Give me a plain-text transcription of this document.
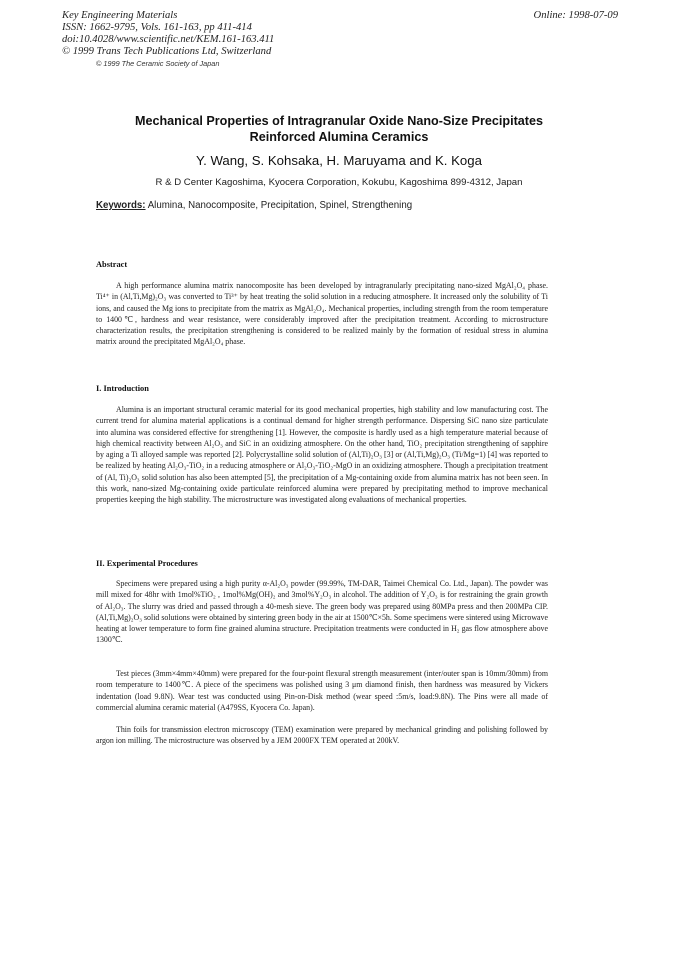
Online: 1998-07-09
Key Engineering Materials
ISSN: 1662-9795, Vols. 161-163, pp 411-414
doi:10.4028/www.scientific.net/KEM.161-163.411
© 1999 Trans Tech Publications Ltd, Switzerland
© 1999 The Ceramic Society of Japan
Mechanical Properties of Intragranular Oxide Nano-Size Precipitates
Reinforced Alumina Ceramics
Y. Wang, S. Kohsaka, H. Maruyama and K. Koga
R & D Center Kagoshima, Kyocera Corporation, Kokubu, Kagoshima 899-4312, Japan
Keywords: Alumina, Nanocomposite, Precipitation, Spinel, Strengthening
Abstract

A high performance alumina matrix nanocomposite has been developed by intragranularly precipitating nano-sized MgAl₂O₄ phase. Ti⁴⁺ in (Al,Ti,Mg)₂O₃ was converted to Ti³⁺ by heat treating the solid solution in a reducing atmosphere. It increased only the solubility of Ti ions, and caused the Mg ions to precipitate from the matrix as MgAl₂O₄. Mechanical properties, including strength from the room temperature to 1400℃, hardness and wear resistance, were considerably improved after the precipitation treatment. According to microstructure characterization results, the precipitation strengthening is considered to be realized mainly by the formation of residual stress in alumina matrix around the precipitated MgAl₂O₄ phase.

I. Introduction

Alumina is an important structural ceramic material for its good mechanical properties, high stability and low manufacturing cost. The current trend for alumina material applications is a continual demand for higher strength performance. Dispersing SiC nano size particulate into alumina was considered effective for strengthening [1]. However, the composite is hardly used as a high temperature material because of high chemical reactivity between Al₂O₃ and SiC in an oxidizing atmosphere. On the other hand, TiO₂ precipitation strengthening of sapphire by aging a Ti alloyed sample was reported [2]. Polycrystalline solid solution of (Al,Ti)₂O₃ [3] or (Al,Ti,Mg)₂O₃ (Ti/Mg=1) [4] was reported to be realized by heating Al₂O₃-TiO₂ in a reducing atmosphere or Al₂O₃-TiO₂-MgO in an oxidizing atmosphere. Though a precipitation treatment of (Al, Ti)₂O₃ solid solution has also been attempted [5], the precipitation of a Mg-containing oxide from alumina matrix has not been seen. In this work, nano-sized Mg-containing oxide particulate reinforced alumina were prepared by precipitating method to improve mechanical properties keeping the high stability. The microstructure was investigated along evaluations of mechanical properties.

II. Experimental Procedures

Specimens were prepared using a high purity α-Al₂O₃ powder (99.99%, TM-DAR, Taimei Chemical Co. Ltd., Japan). The powder was mill mixed for 48hr with 1mol%TiO₂ , 1mol%Mg(OH)₂ and 3mol%Y₂O₃ in alcohol. The addition of Y₂O₃ is for restraining the grain growth of Al₂O₃. The slurry was dried and passed through a 40-mesh sieve. The green body was prepared using 80MPa press and then 200MPa CIP. (Al,Ti,Mg)₂O₃ solid solutions were obtained by sintering green body in the air at 1500℃×5h. Some specimens were sintered using Microwave heating at lower temperature to form fine grained alumina structure. Precipitation treatments were conducted in H₂ gas flow atmosphere above 1300℃.

Test pieces (3mm×4mm×40mm) were prepared for the four-point flexural strength measurement (inter/outer span is 10mm/30mm) from room temperature to 1400℃. A piece of the specimens was polished using 3 μm diamond finish, then hardness was measured by Vickers indentation (load 9.8N). Wear test was conducted using Pin-on-Disk method (wear speed :5m/s, load:9.8N). The Pins were all made of commercial alumina ceramic material (A479SS, Kyocera Co. Japan).

Thin foils for transmission electron microscopy (TEM) examination were prepared by mechanical grinding and polishing followed by argon ion milling. The microstructure was observed by a JEM 2000FX TEM operated at 200kV.
